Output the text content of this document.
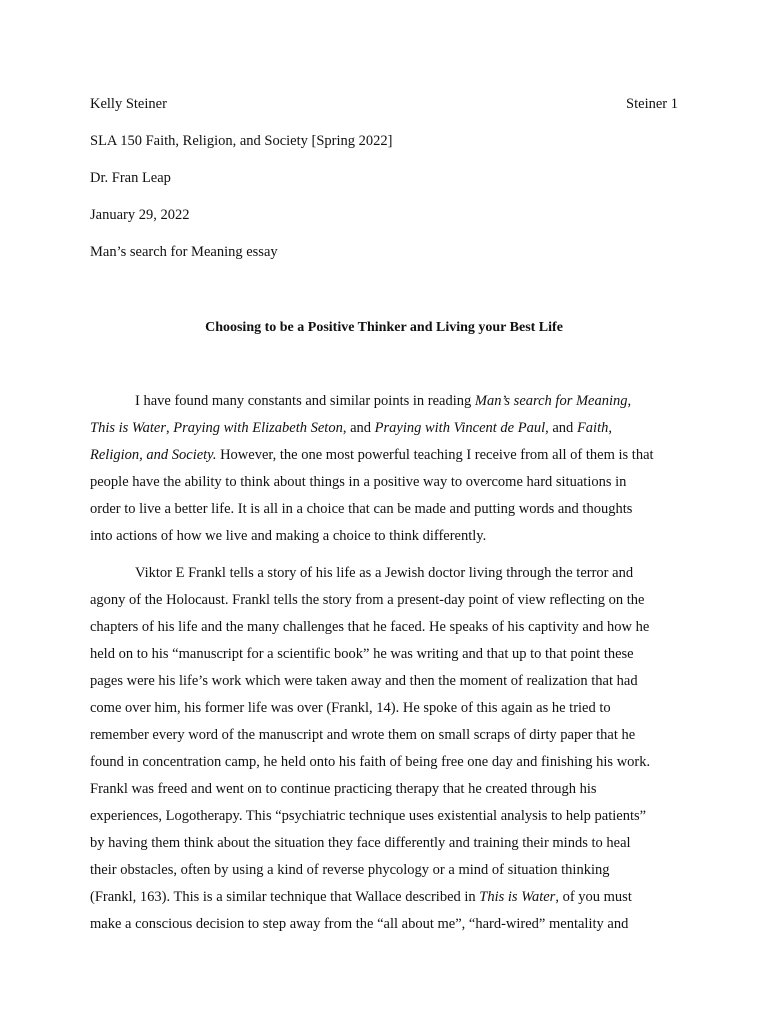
Steiner 1
Kelly Steiner
SLA 150 Faith, Religion, and Society [Spring 2022]
Dr. Fran Leap
January 29, 2022
Man’s search for Meaning essay
Choosing to be a Positive Thinker and Living your Best Life
I have found many constants and similar points in reading Man’s search for Meaning,
This is Water, Praying with Elizabeth Seton, and Praying with Vincent de Paul, and Faith,
Religion, and Society. However, the one most powerful teaching I receive from all of them is that
people have the ability to think about things in a positive way to overcome hard situations in
order to live a better life. It is all in a choice that can be made and putting words and thoughts
into actions of how we live and making a choice to think differently.
Viktor E Frankl tells a story of his life as a Jewish doctor living through the terror and
agony of the Holocaust. Frankl tells the story from a present-day point of view reflecting on the
chapters of his life and the many challenges that he faced. He speaks of his captivity and how he
held on to his “manuscript for a scientific book” he was writing and that up to that point these
pages were his life’s work which were taken away and then the moment of realization that had
come over him, his former life was over (Frankl, 14). He spoke of this again as he tried to
remember every word of the manuscript and wrote them on small scraps of dirty paper that he
found in concentration camp, he held onto his faith of being free one day and finishing his work.
Frankl was freed and went on to continue practicing therapy that he created through his
experiences, Logotherapy. This “psychiatric technique uses existential analysis to help patients”
by having them think about the situation they face differently and training their minds to heal
their obstacles, often by using a kind of reverse phycology or a mind of situation thinking
(Frankl, 163). This is a similar technique that Wallace described in This is Water, of you must
make a conscious decision to step away from the “all about me”, “hard-wired” mentality and
